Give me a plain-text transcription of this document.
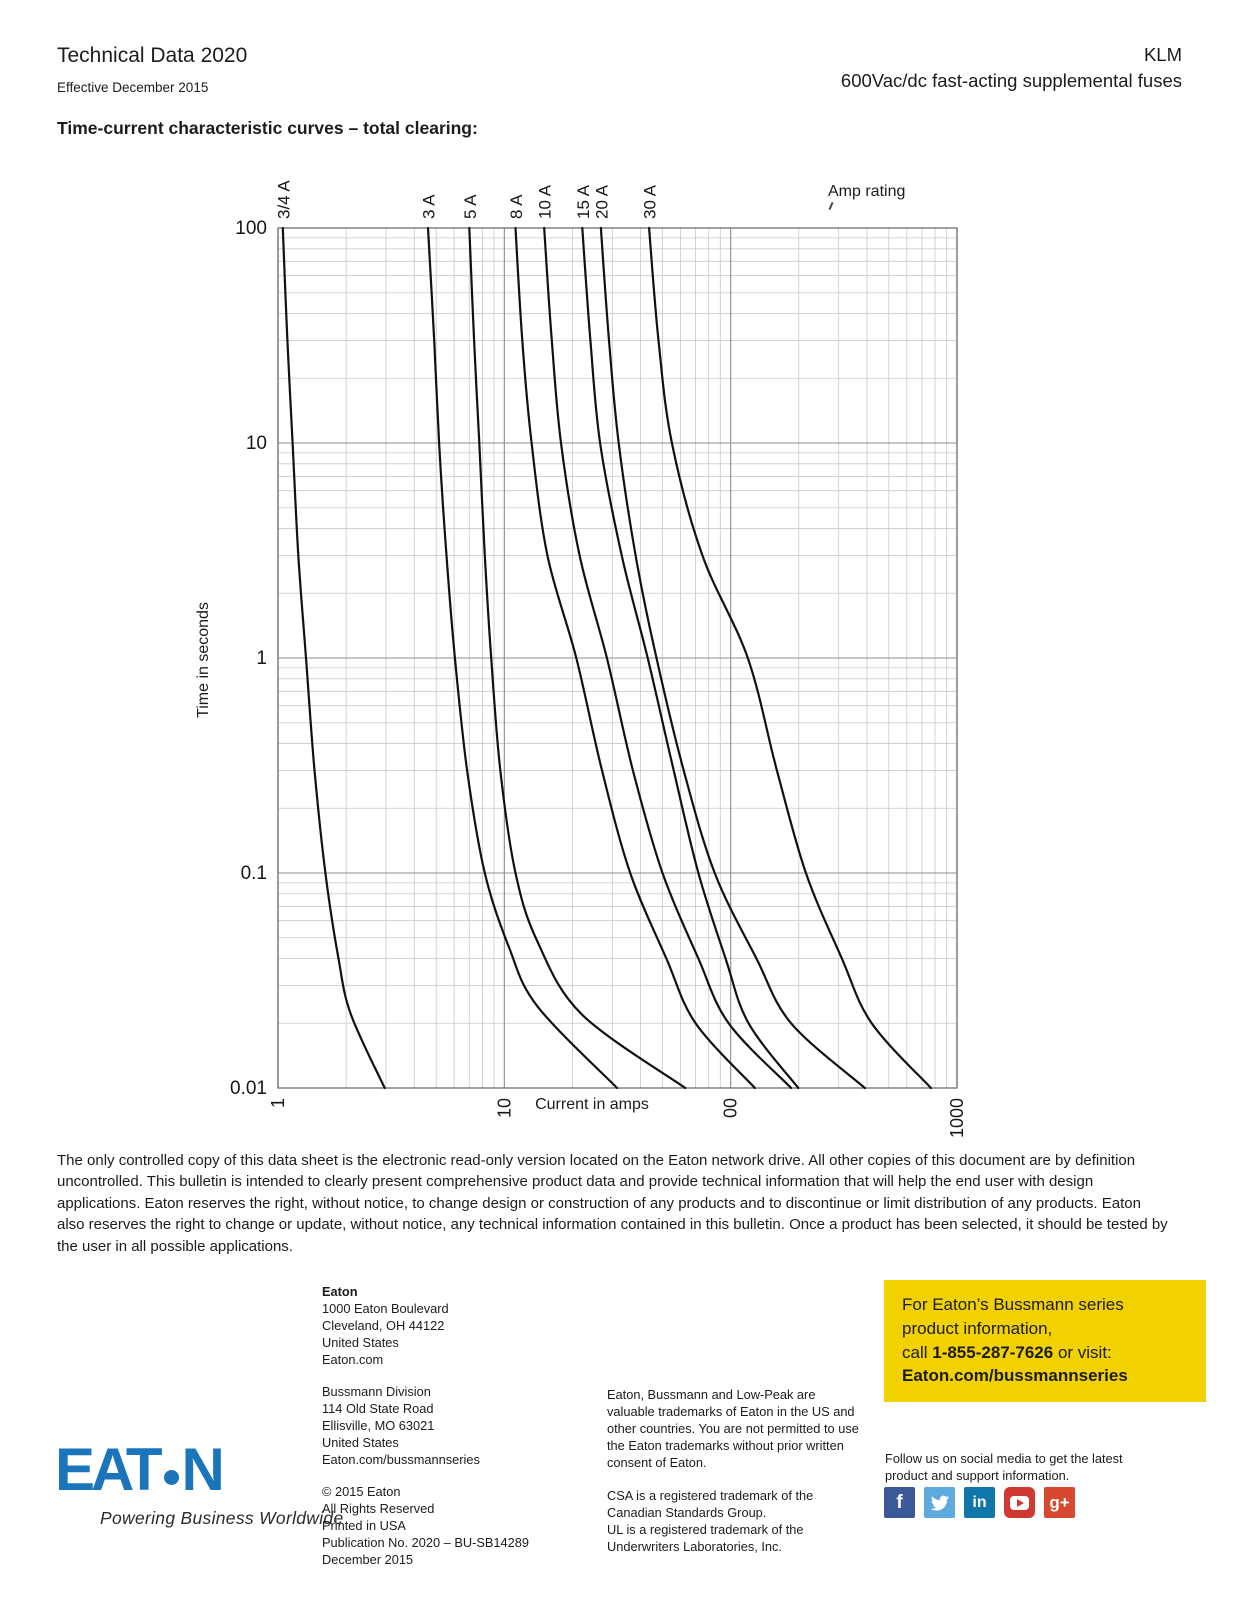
Technical Data 2020
Effective December 2015
KLM
600Vac/dc fast-acting supplemental fuses
Time-current characteristic curves – total clearing:
100
10
1
0.1
0.01
1	10	00	1000
3/4 A	3 A 5 A 8 A 10 A 15 A 20 A 30 A
Time in seconds
Current in amps
Amp rating
The only controlled copy of this data sheet is the electronic read-only version located on the Eaton network drive. All other copies of this document are by definition uncontrolled. This bulletin is intended to clearly present comprehensive product data and provide technical information that will help the end user with design applications. Eaton reserves the right, without notice, to change design or construction of any products and to discontinue or limit distribution of any products. Eaton also reserves the right to change or update, without notice, any technical information contained in this bulletin. Once a product has been selected, it should be tested by the user in all possible applications.
Eaton
1000 Eaton Boulevard
Cleveland, OH 44122
United States
Eaton.com
Bussmann Division
114 Old State Road
Ellisville, MO 63021
United States
Eaton.com/bussmannseries
© 2015 Eaton
All Rights Reserved
Printed in USA
Publication No. 2020 – BU-SB14289
December 2015
Eaton, Bussmann and Low-Peak are valuable trademarks of Eaton in the US and other countries. You are not permitted to use the Eaton trademarks without prior written consent of Eaton.
CSA is a registered trademark of the Canadian Standards Group.
UL is a registered trademark of the Underwriters Laboratories, Inc.
For Eaton’s Bussmann series
product information,
call 1-855-287-7626 or visit:
Eaton.com/bussmannseries
Follow us on social media to get the latest product and support information.
f	in	g+
EAT N
Powering Business Worldwide
